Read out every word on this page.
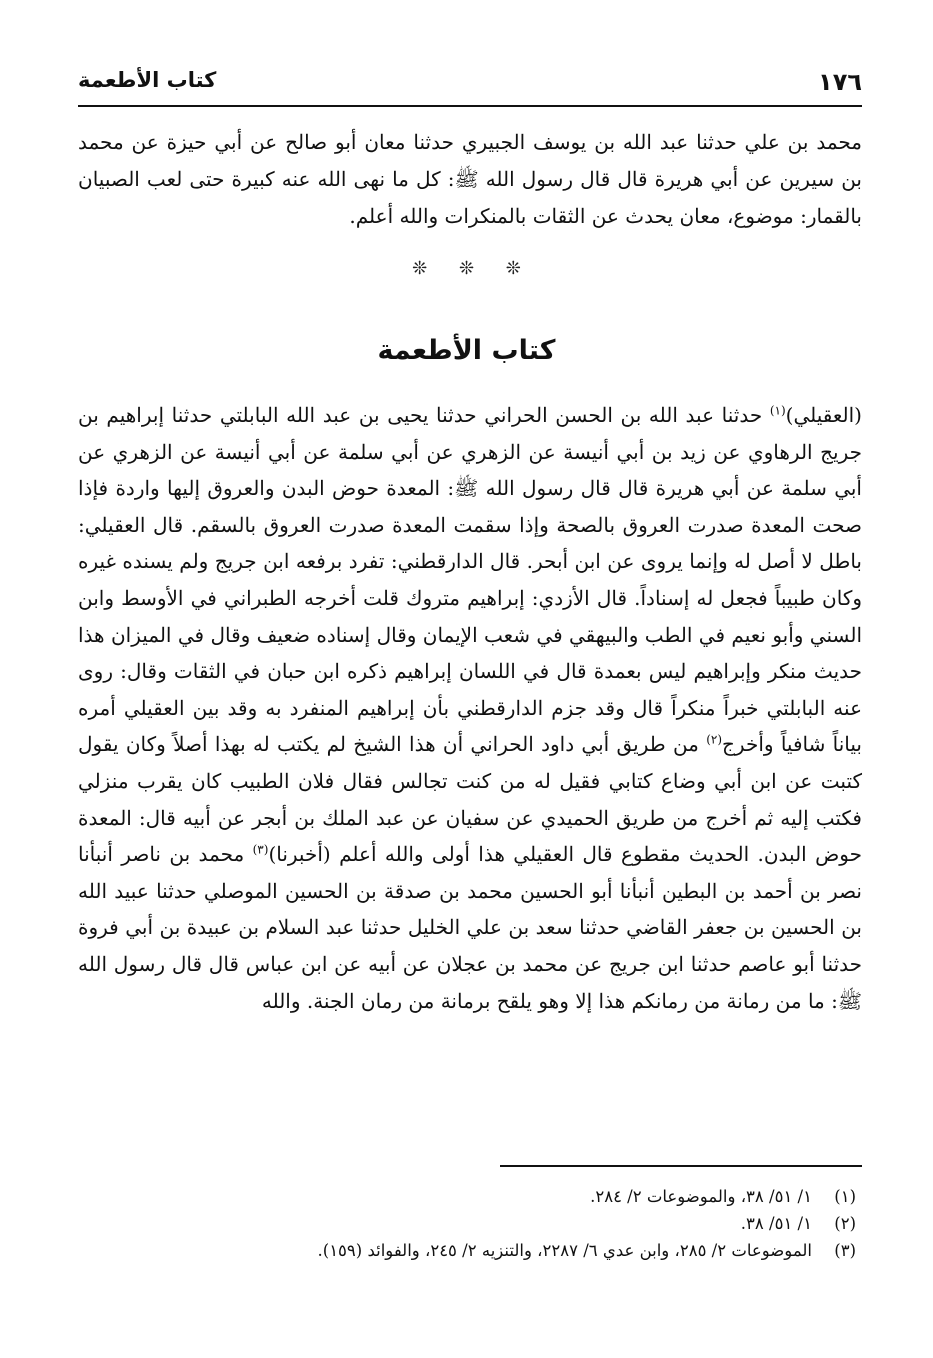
١٧٦
كتاب الأطعمة

محمد بن علي حدثنا عبد الله بن يوسف الجبيري حدثنا معان أبو صالح عن أبي حيزة عن محمد بن سيرين عن أبي هريرة قال قال رسول الله ﷺ: كل ما نهى الله عنه كبيرة حتى لعب الصبيان بالقمار: موضوع، معان يحدث عن الثقات بالمنكرات والله أعلم.

❊ ❊ ❊
كتاب الأطعمة

(العقيلي)$^{(١)}$ حدثنا عبد الله بن الحسن الحراني حدثنا يحيى بن عبد الله البابلتي حدثنا إبراهيم بن جريج الرهاوي عن زيد بن أبي أنيسة عن الزهري عن أبي سلمة عن أبي أنيسة عن الزهري عن أبي سلمة عن أبي هريرة قال قال رسول الله ﷺ: المعدة حوض البدن والعروق إليها واردة فإذا صحت المعدة صدرت العروق بالصحة وإذا سقمت المعدة صدرت العروق بالسقم. قال العقيلي: باطل لا أصل له وإنما يروى عن ابن أبحر. قال الدارقطني: تفرد برفعه ابن جريج ولم يسنده غيره وكان طبيباً فجعل له إسناداً. قال الأزدي: إبراهيم متروك قلت أخرجه الطبراني في الأوسط وابن السني وأبو نعيم في الطب والبيهقي في شعب الإيمان وقال إسناده ضعيف وقال في الميزان هذا حديث منكر وإبراهيم ليس بعمدة قال في اللسان إبراهيم ذكره ابن حبان في الثقات وقال: روى عنه البابلتي خبراً منكراً قال وقد جزم الدارقطني بأن إبراهيم المنفرد به وقد بين العقيلي أمره بياناً شافياً وأخرج$^{(٢)}$ من طريق أبي داود الحراني أن هذا الشيخ لم يكتب له بهذا أصلاً وكان يقول كتبت عن ابن أبي وضاع كتابي فقيل له من كنت تجالس فقال فلان الطبيب كان يقرب منزلي فكتب إليه ثم أخرج من طريق الحميدي عن سفيان عن عبد الملك بن أبجر عن أبيه قال: المعدة حوض البدن. الحديث مقطوع قال العقيلي هذا أولى والله أعلم (أخبرنا)$^{(٣)}$ محمد بن ناصر أنبأنا نصر بن أحمد بن البطين أنبأنا أبو الحسين محمد بن صدقة بن الحسين الموصلي حدثنا عبيد الله بن الحسين بن جعفر القاضي حدثنا سعد بن علي الخليل حدثنا عبد السلام بن عبيدة بن أبي فروة حدثنا أبو عاصم حدثنا ابن جريج عن محمد بن عجلان عن أبيه عن ابن عباس قال قال رسول الله ﷺ: ما من رمانة من رمانكم هذا إلا وهو يلقح برمانة من رمان الجنة. والله

(١)
١/ ٥١/ ٣٨، والموضوعات ٢/ ٢٨٤.
(٢)
١/ ٥١/ ٣٨.
(٣)
الموضوعات ٢/ ٢٨٥، وابن عدي ٦/ ٢٢٨٧، والتنزيه ٢/ ٢٤٥، والفوائد (١٥٩).
